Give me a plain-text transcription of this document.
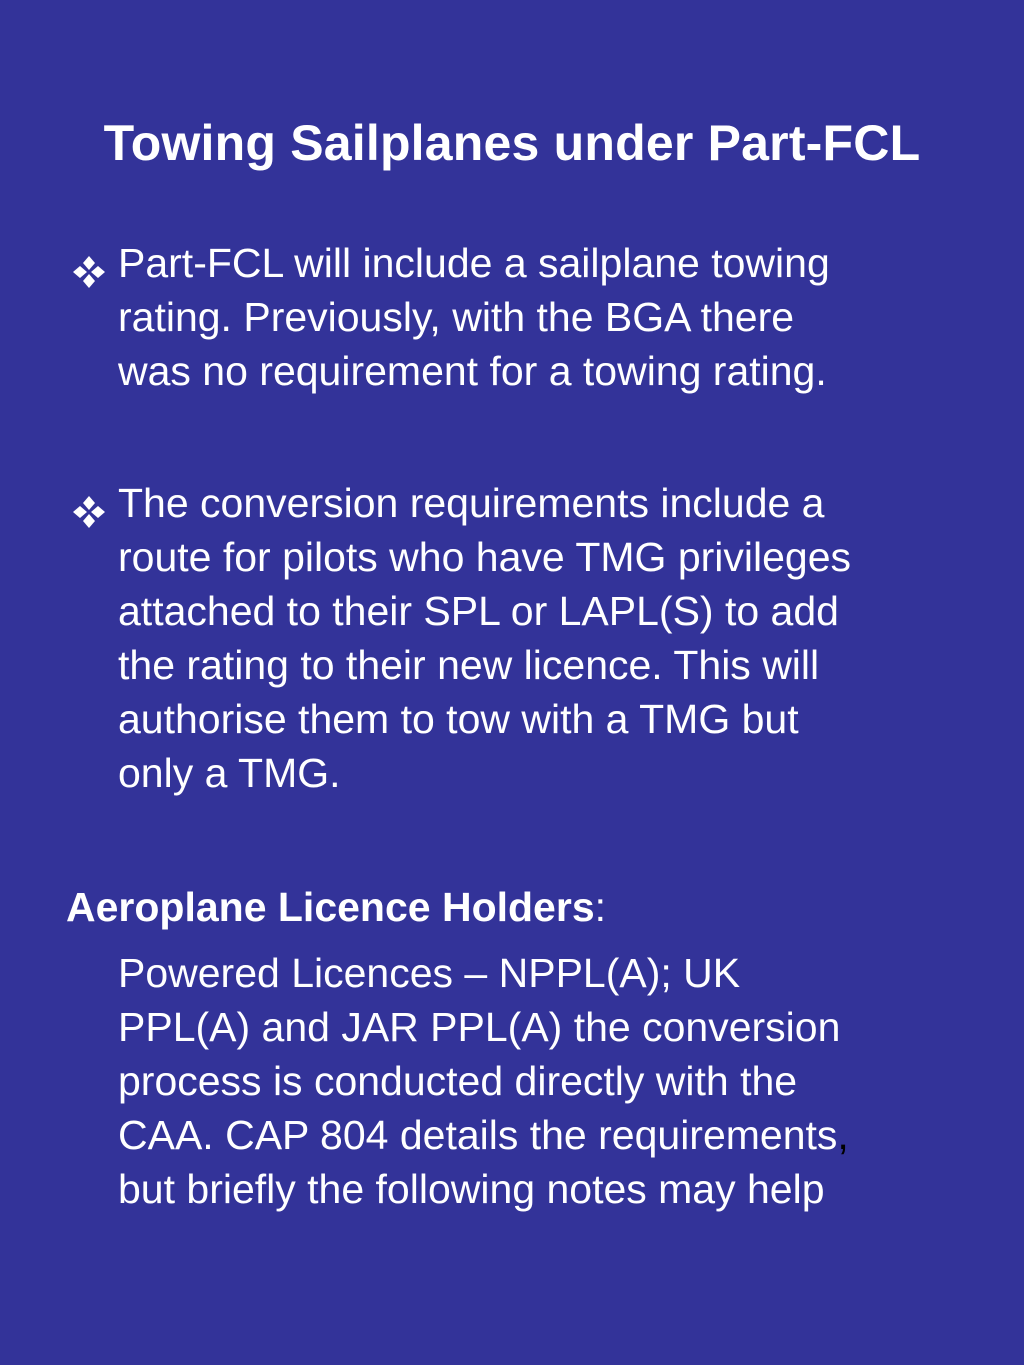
Towing Sailplanes under Part-FCL
Part-FCL will include a sailplane towing
rating. Previously, with the BGA there
was no requirement for a towing rating.
The conversion requirements include a
route for pilots who have TMG privileges
attached to their SPL or LAPL(S) to add
the rating to their new licence. This will
authorise them to tow with a TMG but
only a TMG.
Aeroplane Licence Holders:
Powered Licences – NPPL(A); UK
PPL(A) and JAR PPL(A) the conversion
process is conducted directly with the
CAA. CAP 804 details the requirements,
but briefly the following notes may help
